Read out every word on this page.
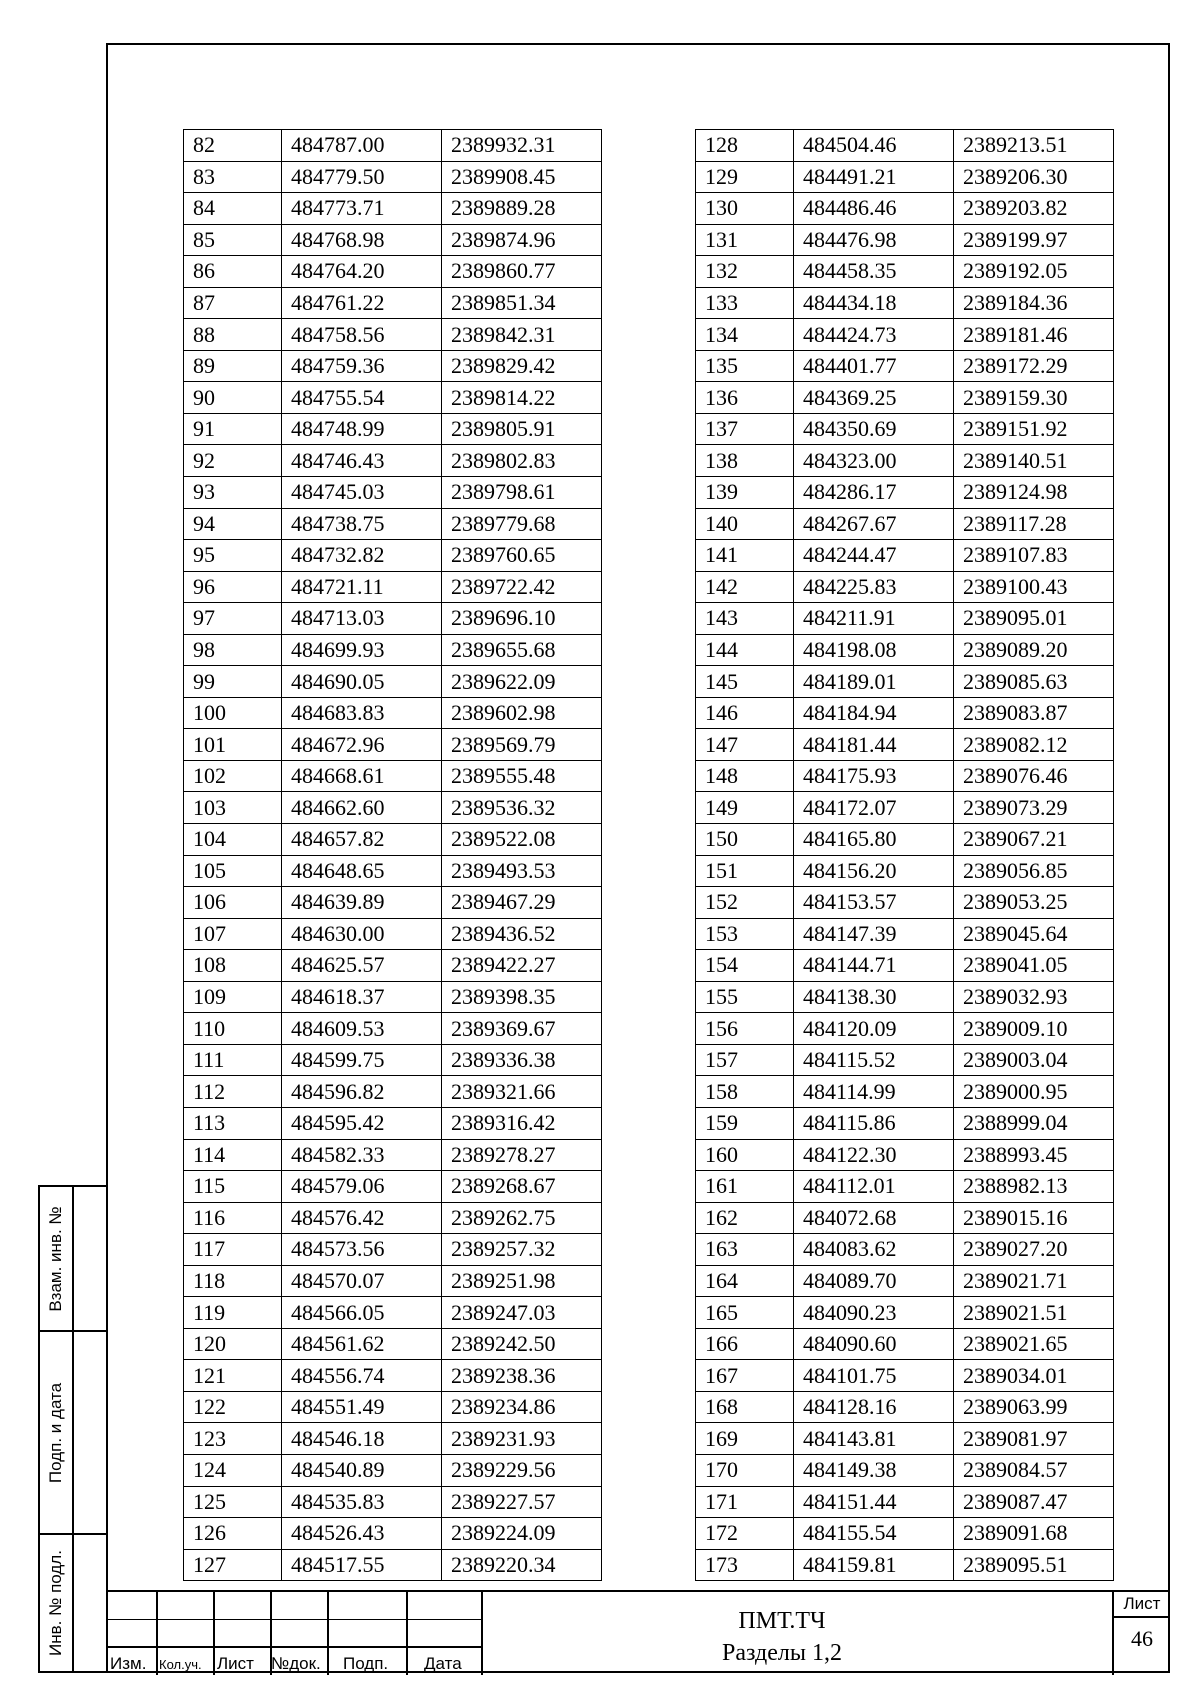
82	484787.00	2389932.31
83	484779.50	2389908.45
84	484773.71	2389889.28
85	484768.98	2389874.96
86	484764.20	2389860.77
87	484761.22	2389851.34
88	484758.56	2389842.31
89	484759.36	2389829.42
90	484755.54	2389814.22
91	484748.99	2389805.91
92	484746.43	2389802.83
93	484745.03	2389798.61
94	484738.75	2389779.68
95	484732.82	2389760.65
96	484721.11	2389722.42
97	484713.03	2389696.10
98	484699.93	2389655.68
99	484690.05	2389622.09
100	484683.83	2389602.98
101	484672.96	2389569.79
102	484668.61	2389555.48
103	484662.60	2389536.32
104	484657.82	2389522.08
105	484648.65	2389493.53
106	484639.89	2389467.29
107	484630.00	2389436.52
108	484625.57	2389422.27
109	484618.37	2389398.35
110	484609.53	2389369.67
111	484599.75	2389336.38
112	484596.82	2389321.66
113	484595.42	2389316.42
114	484582.33	2389278.27
115	484579.06	2389268.67
116	484576.42	2389262.75
117	484573.56	2389257.32
118	484570.07	2389251.98
119	484566.05	2389247.03
120	484561.62	2389242.50
121	484556.74	2389238.36
122	484551.49	2389234.86
123	484546.18	2389231.93
124	484540.89	2389229.56
125	484535.83	2389227.57
126	484526.43	2389224.09
127	484517.55	2389220.34
128	484504.46	2389213.51
129	484491.21	2389206.30
130	484486.46	2389203.82
131	484476.98	2389199.97
132	484458.35	2389192.05
133	484434.18	2389184.36
134	484424.73	2389181.46
135	484401.77	2389172.29
136	484369.25	2389159.30
137	484350.69	2389151.92
138	484323.00	2389140.51
139	484286.17	2389124.98
140	484267.67	2389117.28
141	484244.47	2389107.83
142	484225.83	2389100.43
143	484211.91	2389095.01
144	484198.08	2389089.20
145	484189.01	2389085.63
146	484184.94	2389083.87
147	484181.44	2389082.12
148	484175.93	2389076.46
149	484172.07	2389073.29
150	484165.80	2389067.21
151	484156.20	2389056.85
152	484153.57	2389053.25
153	484147.39	2389045.64
154	484144.71	2389041.05
155	484138.30	2389032.93
156	484120.09	2389009.10
157	484115.52	2389003.04
158	484114.99	2389000.95
159	484115.86	2388999.04
160	484122.30	2388993.45
161	484112.01	2388982.13
162	484072.68	2389015.16
163	484083.62	2389027.20
164	484089.70	2389021.71
165	484090.23	2389021.51
166	484090.60	2389021.65
167	484101.75	2389034.01
168	484128.16	2389063.99
169	484143.81	2389081.97
170	484149.38	2389084.57
171	484151.44	2389087.47
172	484155.54	2389091.68
173	484159.81	2389095.51
Взам. инв. №
Подп. и дата
Инв. № подл.
Изм. Кол.уч. Лист №док. Подп. Дата
ПМТ.ТЧ
Разделы 1,2
Лист
46
